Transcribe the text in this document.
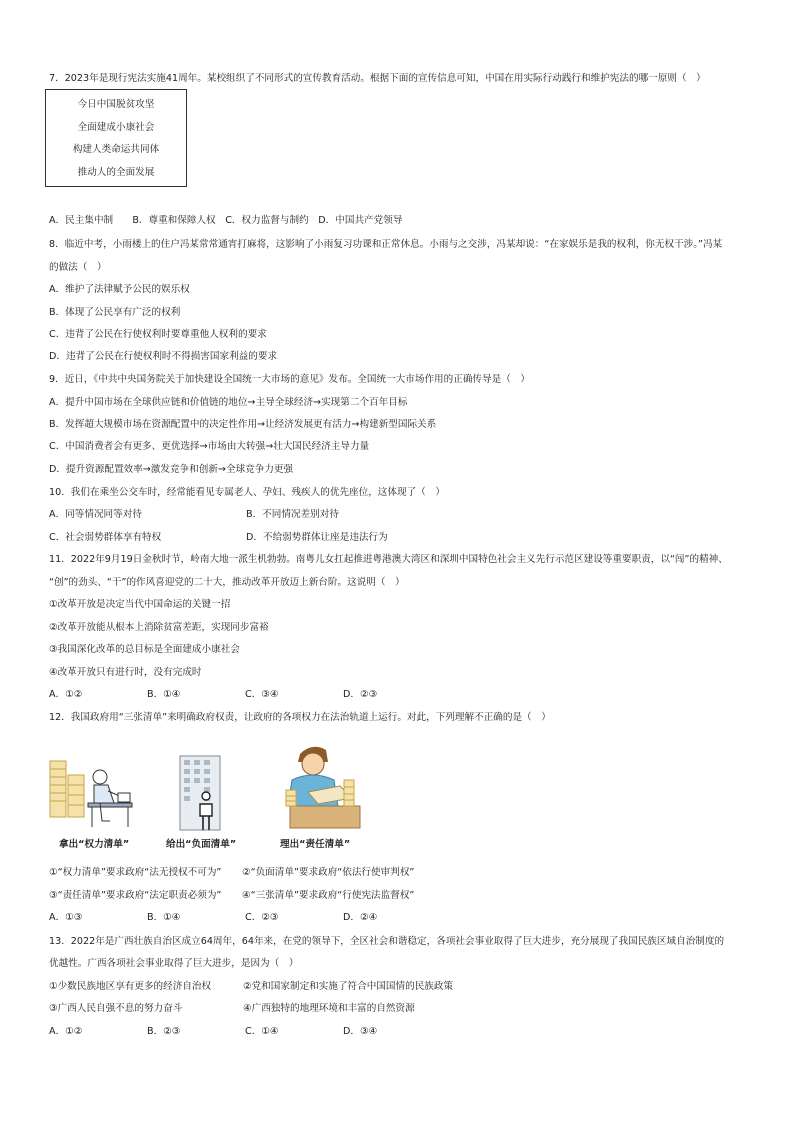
7．2023年是现行宪法实施41周年。某校组织了不同形式的宣传教育活动。根据下面的宣传信息可知，中国在用实际行动践行和维护宪法的哪一原则（　）
今日中国脱贫攻坚
全面建成小康社会
构建人类命运共同体
推动人的全面发展
A．民主集中制　　B．尊重和保障人权　C．权力监督与制约　D．中国共产党领导
8．临近中考，小雨楼上的住户冯某常常通宵打麻将，这影响了小雨复习功课和正常休息。小雨与之交涉，冯某却说：“在家娱乐是我的权利，你无权干涉。”冯某
的做法（　）
A．维护了法律赋予公民的娱乐权
B．体现了公民享有广泛的权利
C．违背了公民在行使权利时要尊重他人权利的要求
D．违背了公民在行使权利时不得损害国家利益的要求
9．近日，《中共中央国务院关于加快建设全国统一大市场的意见》发布。全国统一大市场作用的正确传导是（　）
A．提升中国市场在全球供应链和价值链的地位→主导全球经济→实现第二个百年目标
B．发挥超大规模市场在资源配置中的决定性作用→让经济发展更有活力→构建新型国际关系
C．中国消费者会有更多、更优选择→市场由大转强→壮大国民经济主导力量
D．提升资源配置效率→激发竞争和创新→全球竞争力更强
10．我们在乘坐公交车时，经常能看见专属老人、孕妇、残疾人的优先座位，这体现了（　）
A．同等情况同等对待	B．不同情况差别对待
C．社会弱势群体享有特权	D．不给弱势群体让座是违法行为
11．2022年9月19日金秋时节，岭南大地一派生机勃勃。南粤儿女扛起推进粤港澳大湾区和深圳中国特色社会主义先行示范区建设等重要职责，以“闯”的精神、
“创”的劲头、“干”的作风喜迎党的二十大，推动改革开放迈上新台阶。这说明（　）
①改革开放是决定当代中国命运的关键一招
②改革开放能从根本上消除贫富差距，实现同步富裕
③我国深化改革的总目标是全面建成小康社会
④改革开放只有进行时，没有完成时
A．①②	B．①④	C．③④	D．②③
12．我国政府用“三张清单”来明确政府权责，让政府的各项权力在法治轨道上运行。对此，下列理解不正确的是（　）
拿出“权力清单”	给出“负面清单”	理出“责任清单”
①“权力清单”要求政府“法无授权不可为” ②“负面清单”要求政府“依法行使审判权”
③“责任清单”要求政府“法定职责必须为” ④“三张清单”要求政府“行使宪法监督权”
A．①③	B．①④	C．②③	D．②④
13．2022年是广西壮族自治区成立64周年，64年来，在党的领导下，全区社会和谐稳定，各项社会事业取得了巨大进步，充分展现了我国民族区域自治制度的
优越性。广西各项社会事业取得了巨大进步，是因为（　）
①少数民族地区享有更多的经济自治权	②党和国家制定和实施了符合中国国情的民族政策
③广西人民自强不息的努力奋斗	④广西独特的地理环境和丰富的自然资源
A．①②	B．②③	C．①④	D．③④
